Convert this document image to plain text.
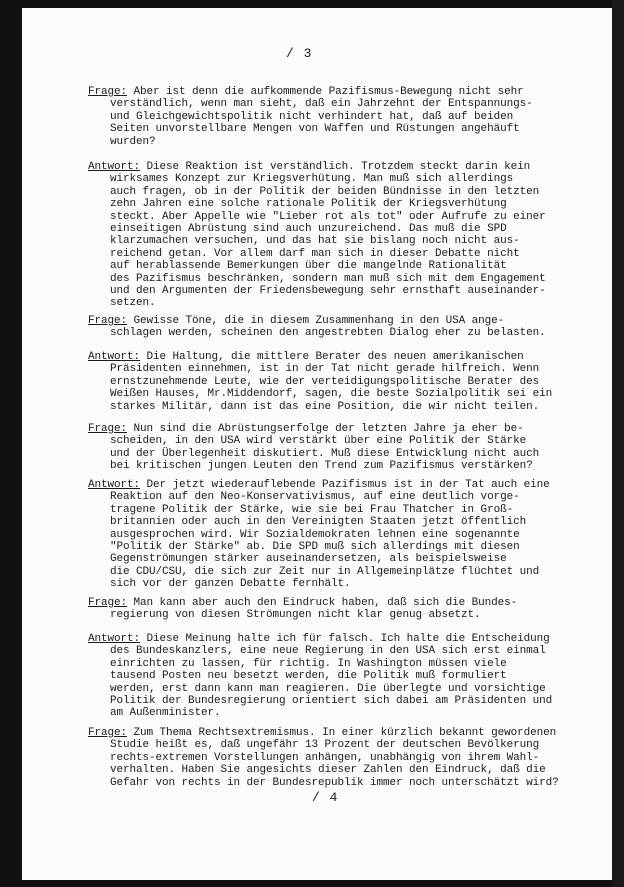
/ 3
Frage: Aber ist denn die aufkommende Pazifismus-Bewegung nicht sehr
verständlich, wenn man sieht, daß ein Jahrzehnt der Entspannungs-
und Gleichgewichtspolitik nicht verhindert hat, daß auf beiden
Seiten unvorstellbare Mengen von Waffen und Rüstungen angehäuft
wurden?
Antwort: Diese Reaktion ist verständlich. Trotzdem steckt darin kein
wirksames Konzept zur Kriegsverhütung. Man muß sich allerdings
auch fragen, ob in der Politik der beiden Bündnisse in den letzten
zehn Jahren eine solche rationale Politik der Kriegsverhütung
steckt. Aber Appelle wie "Lieber rot als tot" oder Aufrufe zu einer
einseitigen Abrüstung sind auch unzureichend. Das muß die SPD
klarzumachen versuchen, und das hat sie bislang noch nicht aus-
reichend getan. Vor allem darf man sich in dieser Debatte nicht
auf herablassende Bemerkungen über die mangelnde Rationalität
des Pazifismus beschränken, sondern man muß sich mit dem Engagement
und den Argumenten der Friedensbewegung sehr ernsthaft auseinander-
setzen.
Frage: Gewisse Töne, die in diesem Zusammenhang in den USA ange-
schlagen werden, scheinen den angestrebten Dialog eher zu belasten.
Antwort: Die Haltung, die mittlere Berater des neuen amerikanischen
Präsidenten einnehmen, ist in der Tat nicht gerade hilfreich. Wenn
ernstzunehmende Leute, wie der verteidigungspolitische Berater des
Weißen Hauses, Mr.Middendorf, sagen, die beste Sozialpolitik sei ein
starkes Militär, dann ist das eine Position, die wir nicht teilen.
Frage: Nun sind die Abrüstungserfolge der letzten Jahre ja eher be-
scheiden, in den USA wird verstärkt über eine Politik der Stärke
und der Überlegenheit diskutiert. Muß diese Entwicklung nicht auch
bei kritischen jungen Leuten den Trend zum Pazifismus verstärken?
Antwort: Der jetzt wiederauflebende Pazifismus ist in der Tat auch eine
Reaktion auf den Neo-Konservativismus, auf eine deutlich vorge-
tragene Politik der Stärke, wie sie bei Frau Thatcher in Groß-
britannien oder auch in den Vereinigten Staaten jetzt öffentlich
ausgesprochen wird. Wir Sozialdemokraten lehnen eine sogenannte
"Politik der Stärke" ab. Die SPD muß sich allerdings mit diesen
Gegenströmungen stärker auseinandersetzen, als beispielsweise
die CDU/CSU, die sich zur Zeit nur in Allgemeinplätze flüchtet und
sich vor der ganzen Debatte fernhält.
Frage: Man kann aber auch den Eindruck haben, daß sich die Bundes-
regierung von diesen Strömungen nicht klar genug absetzt.
Antwort: Diese Meinung halte ich für falsch. Ich halte die Entscheidung
des Bundeskanzlers, eine neue Regierung in den USA sich erst einmal
einrichten zu lassen, für richtig. In Washington müssen viele
tausend Posten neu besetzt werden, die Politik muß formuliert
werden, erst dann kann man reagieren. Die überlegte und vorsichtige
Politik der Bundesregierung orientiert sich dabei am Präsidenten und
am Außenminister.
Frage: Zum Thema Rechtsextremismus. In einer kürzlich bekannt gewordenen
Studie heißt es, daß ungefähr 13 Prozent der deutschen Bevölkerung
rechts-extremen Vorstellungen anhängen, unabhängig von ihrem Wahl-
verhalten. Haben Sie angesichts dieser Zahlen den Eindruck, daß die
Gefahr von rechts in der Bundesrepublik immer noch unterschätzt wird?
/ 4
